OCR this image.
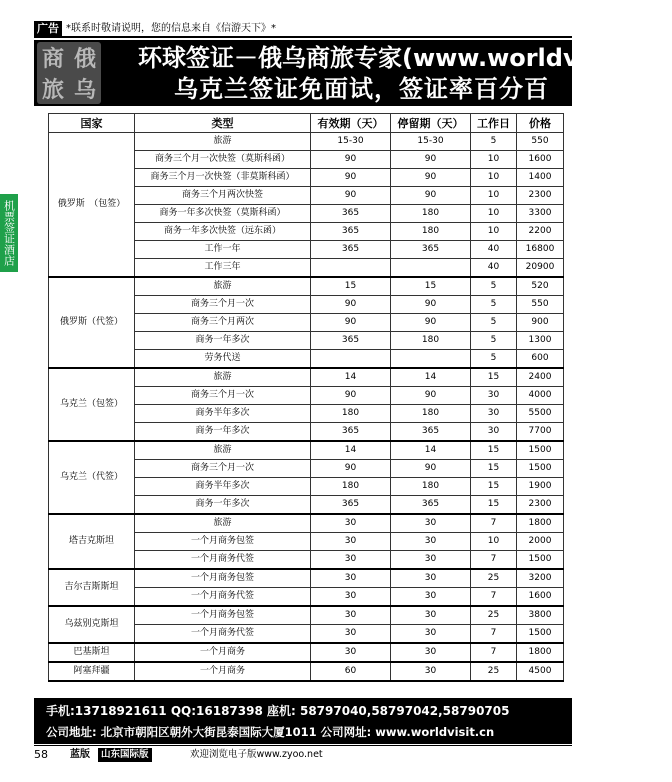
广告 *联系时敬请说明，您的信息来自《信游天下》*
商 俄
旅 乌
环球签证－俄乌商旅专家(www.worldvisit.cn)
乌克兰签证免面试，签证率百分百
机票签证酒店
国家	类型	有效期（天）	停留期（天）	工作日	价格
俄罗斯　（包签）	旅游	15-30	15-30	5	550
	商务三个月一次快签（莫斯科函）	90	90	10	1600
	商务三个月一次快签（非莫斯科函）	90	90	10	1400
	商务三个月两次快签	90	90	10	2300
	商务一年多次快签（莫斯科函）	365	180	10	3300
	商务一年多次快签（远东函）	365	180	10	2200
	工作一年	365	365	40	16800
	工作三年			40	20900
俄罗斯（代签）	旅游	15	15	5	520
	商务三个月一次	90	90	5	550
	商务三个月两次	90	90	5	900
	商务一年多次	365	180	5	1300
	劳务代送			5	600
乌克兰（包签）	旅游	14	14	15	2400
	商务三个月一次	90	90	30	4000
	商务半年多次	180	180	30	5500
	商务一年多次	365	365	30	7700
乌克兰（代签）	旅游	14	14	15	1500
	商务三个月一次	90	90	15	1500
	商务半年多次	180	180	15	1900
	商务一年多次	365	365	15	2300
塔吉克斯坦	旅游	30	30	7	1800
	一个月商务包签	30	30	10	2000
	一个月商务代签	30	30	7	1500
吉尔吉斯斯坦	一个月商务包签	30	30	25	3200
	一个月商务代签	30	30	7	1600
乌兹别克斯坦	一个月商务包签	30	30	25	3800
	一个月商务代签	30	30	7	1500
巴基斯坦	一个月商务	30	30	7	1800
阿塞拜疆	一个月商务	60	30	25	4500
手机:13718921611 QQ:16187398 座机: 58797040,58797042,58790705
公司地址: 北京市朝阳区朝外大街昆泰国际大厦1011 公司网址: www.worldvisit.cn
58 蓝版	山东国际版	欢迎浏览电子版www.zyoo.net
